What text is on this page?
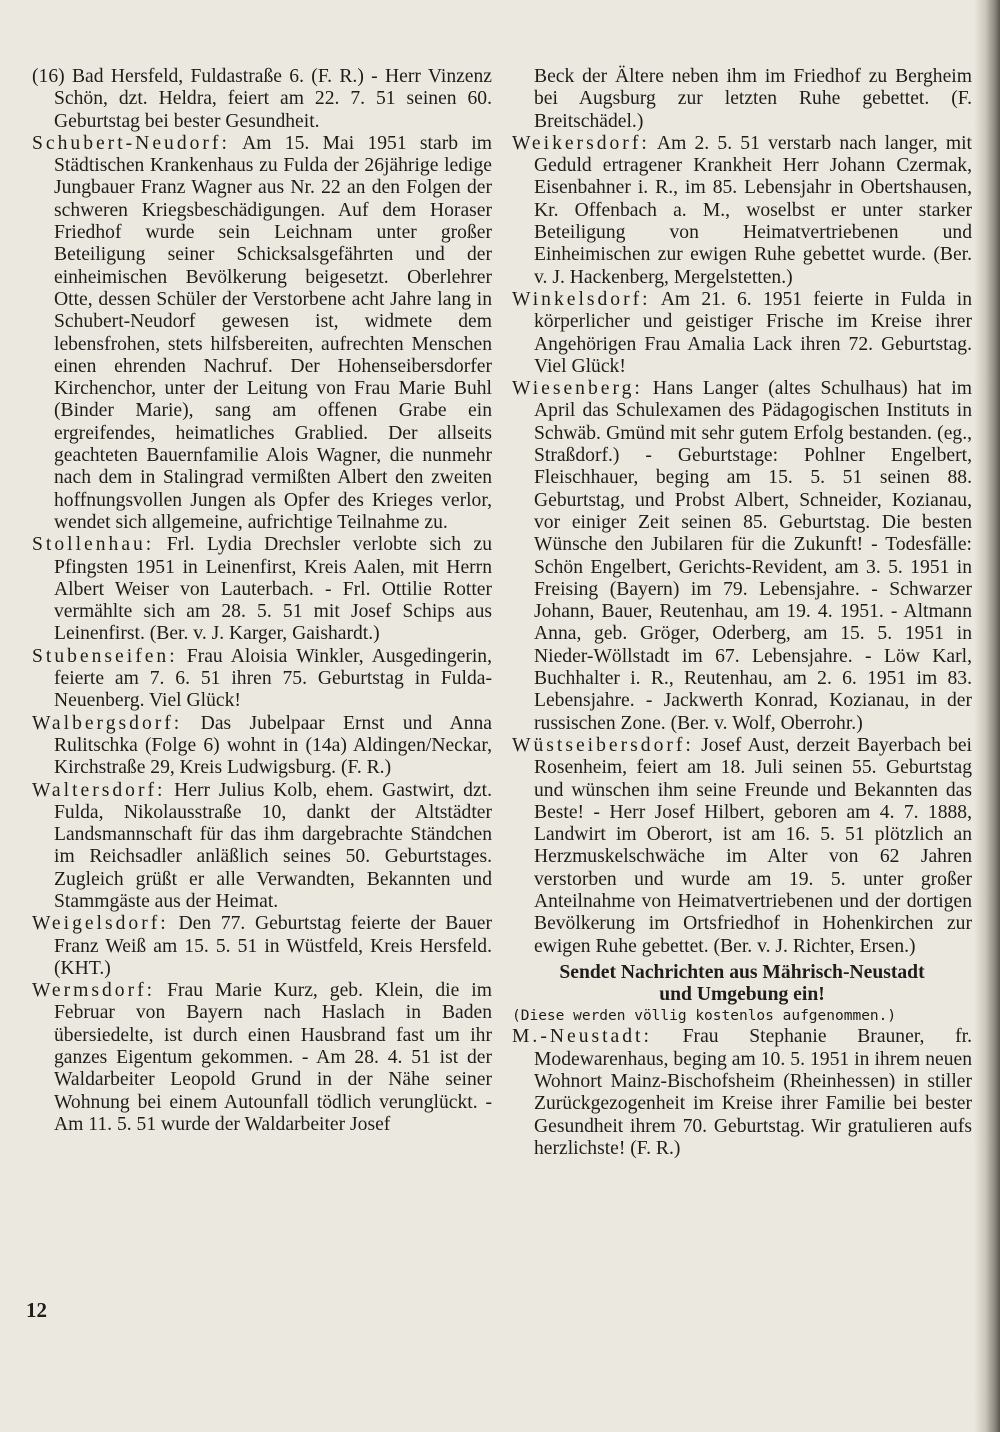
(16) Bad Hersfeld, Fuldastraße 6. (F. R.) - Herr Vinzenz Schön, dzt. Heldra, feiert am 22. 7. 51 seinen 60. Geburtstag bei bester Gesundheit.

Schubert-Neudorf: Am 15. Mai 1951 starb im Städtischen Krankenhaus zu Fulda der 26jährige ledige Jungbauer Franz Wagner aus Nr. 22 an den Folgen der schweren Kriegsbeschädigungen. Auf dem Horaser Friedhof wurde sein Leichnam unter großer Beteiligung seiner Schicksalsgefährten und der einheimischen Bevölkerung beigesetzt. Oberlehrer Otte, dessen Schüler der Verstorbene acht Jahre lang in Schubert-Neudorf gewesen ist, widmete dem lebensfrohen, stets hilfsbereiten, aufrechten Menschen einen ehrenden Nachruf. Der Hohenseibersdorfer Kirchenchor, unter der Leitung von Frau Marie Buhl (Binder Marie), sang am offenen Grabe ein ergreifendes, heimatliches Grablied. Der allseits geachteten Bauernfamilie Alois Wagner, die nunmehr nach dem in Stalingrad vermißten Albert den zweiten hoffnungsvollen Jungen als Opfer des Krieges verlor, wendet sich allgemeine, aufrichtige Teilnahme zu.

Stollenhau: Frl. Lydia Drechsler verlobte sich zu Pfingsten 1951 in Leinenfirst, Kreis Aalen, mit Herrn Albert Weiser von Lauterbach. - Frl. Ottilie Rotter vermählte sich am 28. 5. 51 mit Josef Schips aus Leinenfirst. (Ber. v. J. Karger, Gaishardt.)

Stubenseifen: Frau Aloisia Winkler, Ausgedingerin, feierte am 7. 6. 51 ihren 75. Geburtstag in Fulda-Neuenberg. Viel Glück!

Walbergsdorf: Das Jubelpaar Ernst und Anna Rulitschka (Folge 6) wohnt in (14a) Aldingen/Neckar, Kirchstraße 29, Kreis Ludwigsburg. (F. R.)

Waltersdorf: Herr Julius Kolb, ehem. Gastwirt, dzt. Fulda, Nikolausstraße 10, dankt der Altstädter Landsmannschaft für das ihm dargebrachte Ständchen im Reichsadler anläßlich seines 50. Geburtstages. Zugleich grüßt er alle Verwandten, Bekannten und Stammgäste aus der Heimat.

Weigelsdorf: Den 77. Geburtstag feierte der Bauer Franz Weiß am 15. 5. 51 in Wüstfeld, Kreis Hersfeld. (KHT.)

Wermsdorf: Frau Marie Kurz, geb. Klein, die im Februar von Bayern nach Haslach in Baden übersiedelte, ist durch einen Hausbrand fast um ihr ganzes Eigentum gekommen. - Am 28. 4. 51 ist der Waldarbeiter Leopold Grund in der Nähe seiner Wohnung bei einem Autounfall tödlich verunglückt. - Am 11. 5. 51 wurde der Waldarbeiter Josef

Beck der Ältere neben ihm im Friedhof zu Bergheim bei Augsburg zur letzten Ruhe gebettet. (F. Breitschädel.)

Weikersdorf: Am 2. 5. 51 verstarb nach langer, mit Geduld ertragener Krankheit Herr Johann Czermak, Eisenbahner i. R., im 85. Lebensjahr in Obertshausen, Kr. Offenbach a. M., woselbst er unter starker Beteiligung von Heimatvertriebenen und Einheimischen zur ewigen Ruhe gebettet wurde. (Ber. v. J. Hackenberg, Mergelstetten.)

Winkelsdorf: Am 21. 6. 1951 feierte in Fulda in körperlicher und geistiger Frische im Kreise ihrer Angehörigen Frau Amalia Lack ihren 72. Geburtstag. Viel Glück!

Wiesenberg: Hans Langer (altes Schulhaus) hat im April das Schulexamen des Pädagogischen Instituts in Schwäb. Gmünd mit sehr gutem Erfolg bestanden. (eg., Straßdorf.) - Geburtstage: Pohlner Engelbert, Fleischhauer, beging am 15. 5. 51 seinen 88. Geburtstag, und Probst Albert, Schneider, Kozianau, vor einiger Zeit seinen 85. Geburtstag. Die besten Wünsche den Jubilaren für die Zukunft! - Todesfälle: Schön Engelbert, Gerichts-Revident, am 3. 5. 1951 in Freising (Bayern) im 79. Lebensjahre. - Schwarzer Johann, Bauer, Reutenhau, am 19. 4. 1951. - Altmann Anna, geb. Gröger, Oderberg, am 15. 5. 1951 in Nieder-Wöllstadt im 67. Lebensjahre. - Löw Karl, Buchhalter i. R., Reutenhau, am 2. 6. 1951 im 83. Lebensjahre. - Jackwerth Konrad, Kozianau, in der russischen Zone. (Ber. v. Wolf, Oberrohr.)

Wüstseibersdorf: Josef Aust, derzeit Bayerbach bei Rosenheim, feiert am 18. Juli seinen 55. Geburtstag und wünschen ihm seine Freunde und Bekannten das Beste! - Herr Josef Hilbert, geboren am 4. 7. 1888, Landwirt im Oberort, ist am 16. 5. 51 plötzlich an Herzmuskelschwäche im Alter von 62 Jahren verstorben und wurde am 19. 5. unter großer Anteilnahme von Heimatvertriebenen und der dortigen Bevölkerung im Ortsfriedhof in Hohenkirchen zur ewigen Ruhe gebettet. (Ber. v. J. Richter, Ersen.)

Sendet Nachrichten aus Mährisch-Neustadt
und Umgebung ein!

(Diese werden völlig kostenlos aufgenommen.)

M.-Neustadt: Frau Stephanie Brauner, fr. Modewarenhaus, beging am 10. 5. 1951 in ihrem neuen Wohnort Mainz-Bischofsheim (Rheinhessen) in stiller Zurückgezogenheit im Kreise ihrer Familie bei bester Gesundheit ihrem 70. Geburtstag. Wir gratulieren aufs herzlichste! (F. R.)

12
